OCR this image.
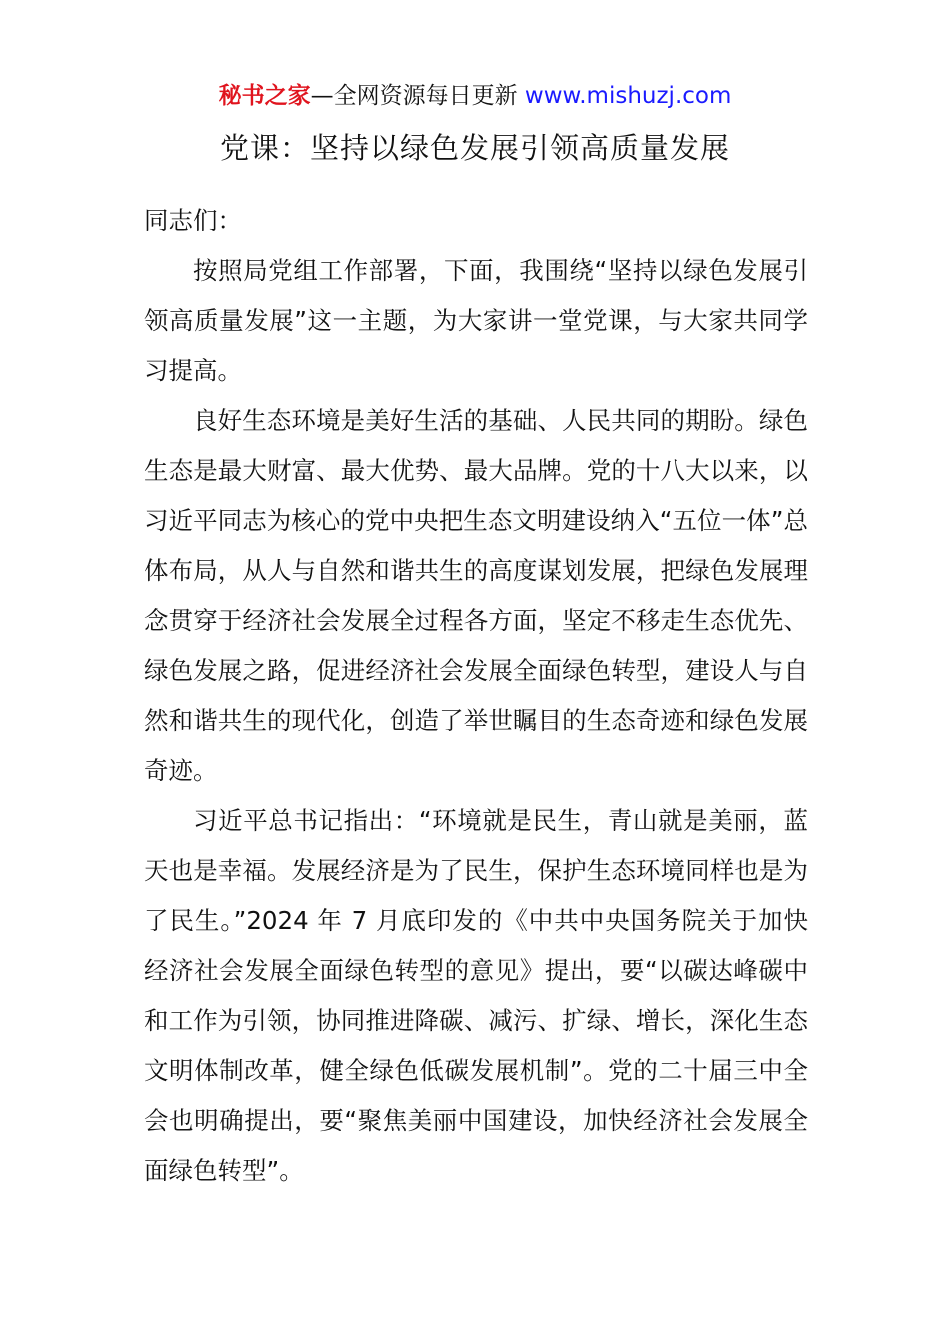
秘书之家—全网资源每日更新 www.mishuzj.com
党课：坚持以绿色发展引领高质量发展

同志们：

按照局党组工作部署，下面，我围绕“坚持以绿色发展引领高质量发展”这一主题，为大家讲一堂党课，与大家共同学习提高。

良好生态环境是美好生活的基础、人民共同的期盼。绿色生态是最大财富、最大优势、最大品牌。党的十八大以来，以习近平同志为核心的党中央把生态文明建设纳入“五位一体”总体布局，从人与自然和谐共生的高度谋划发展，把绿色发展理念贯穿于经济社会发展全过程各方面，坚定不移走生态优先、绿色发展之路，促进经济社会发展全面绿色转型，建设人与自然和谐共生的现代化，创造了举世瞩目的生态奇迹和绿色发展奇迹。

习近平总书记指出：“环境就是民生，青山就是美丽，蓝天也是幸福。发展经济是为了民生，保护生态环境同样也是为了民生。”2024 年 7 月底印发的《中共中央国务院关于加快经济社会发展全面绿色转型的意见》提出，要“以碳达峰碳中和工作为引领，协同推进降碳、减污、扩绿、增长，深化生态文明体制改革，健全绿色低碳发展机制”。党的二十届三中全会也明确提出，要“聚焦美丽中国建设，加快经济社会发展全面绿色转型”。
